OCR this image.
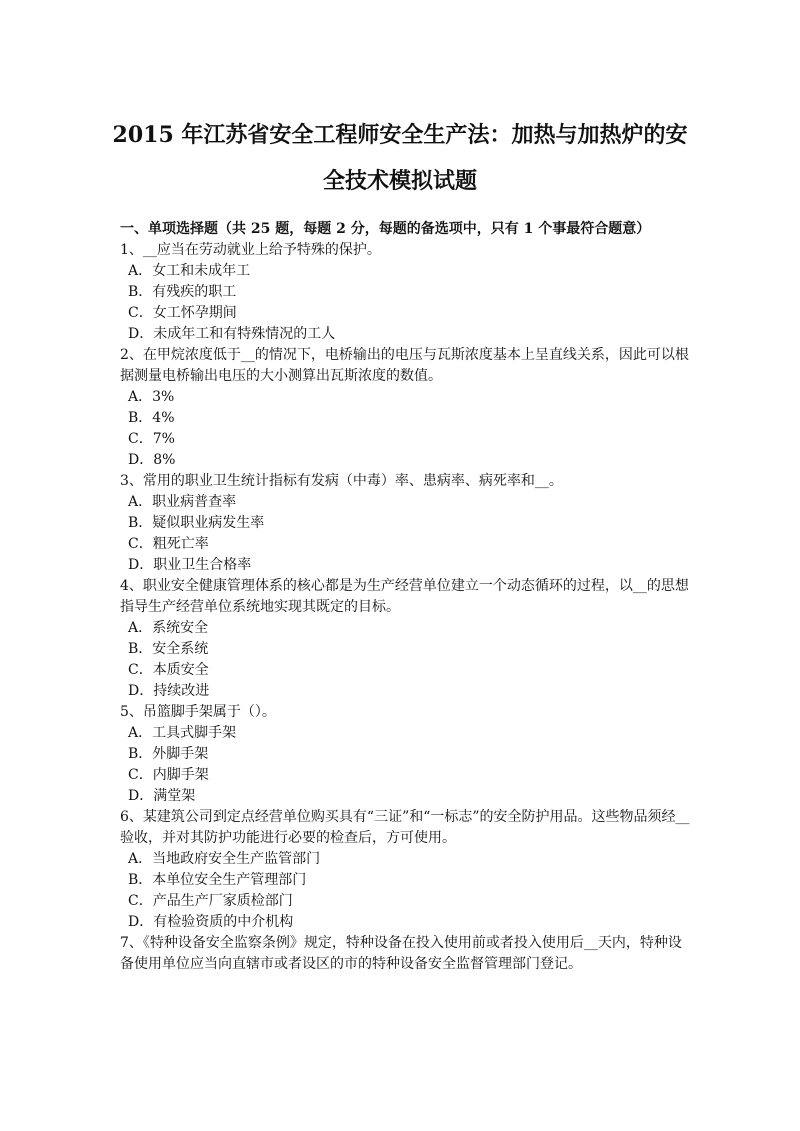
2015 年江苏省安全工程师安全生产法：加热与加热炉的安
全技术模拟试题

一、单项选择题（共 25 题，每题 2 分，每题的备选项中，只有 1 个事最符合题意）

1、__应当在劳动就业上给予特殊的保护。

A．女工和未成年工

B．有残疾的职工

C．女工怀孕期间

D．未成年工和有特殊情况的工人

2、在甲烷浓度低于__的情况下，电桥输出的电压与瓦斯浓度基本上呈直线关系，因此可以根据测量电桥输出电压的大小测算出瓦斯浓度的数值。

A．3%

B．4%

C．7%

D．8%

3、常用的职业卫生统计指标有发病（中毒）率、患病率、病死率和__。

A．职业病普查率

B．疑似职业病发生率

C．粗死亡率

D．职业卫生合格率

4、职业安全健康管理体系的核心都是为生产经营单位建立一个动态循环的过程，以__的思想指导生产经营单位系统地实现其既定的目标。

A．系统安全

B．安全系统

C．本质安全

D．持续改进

5、吊篮脚手架属于（）。

A．工具式脚手架

B．外脚手架

C．内脚手架

D．满堂架

6、某建筑公司到定点经营单位购买具有“三证”和“一标志”的安全防护用品。这些物品须经__验收，并对其防护功能进行必要的检查后，方可使用。

A．当地政府安全生产监管部门

B．本单位安全生产管理部门

C．产品生产厂家质检部门

D．有检验资质的中介机构

7、《特种设备安全监察条例》规定，特种设备在投入使用前或者投入使用后__天内，特种设备使用单位应当向直辖市或者设区的市的特种设备安全监督管理部门登记。
